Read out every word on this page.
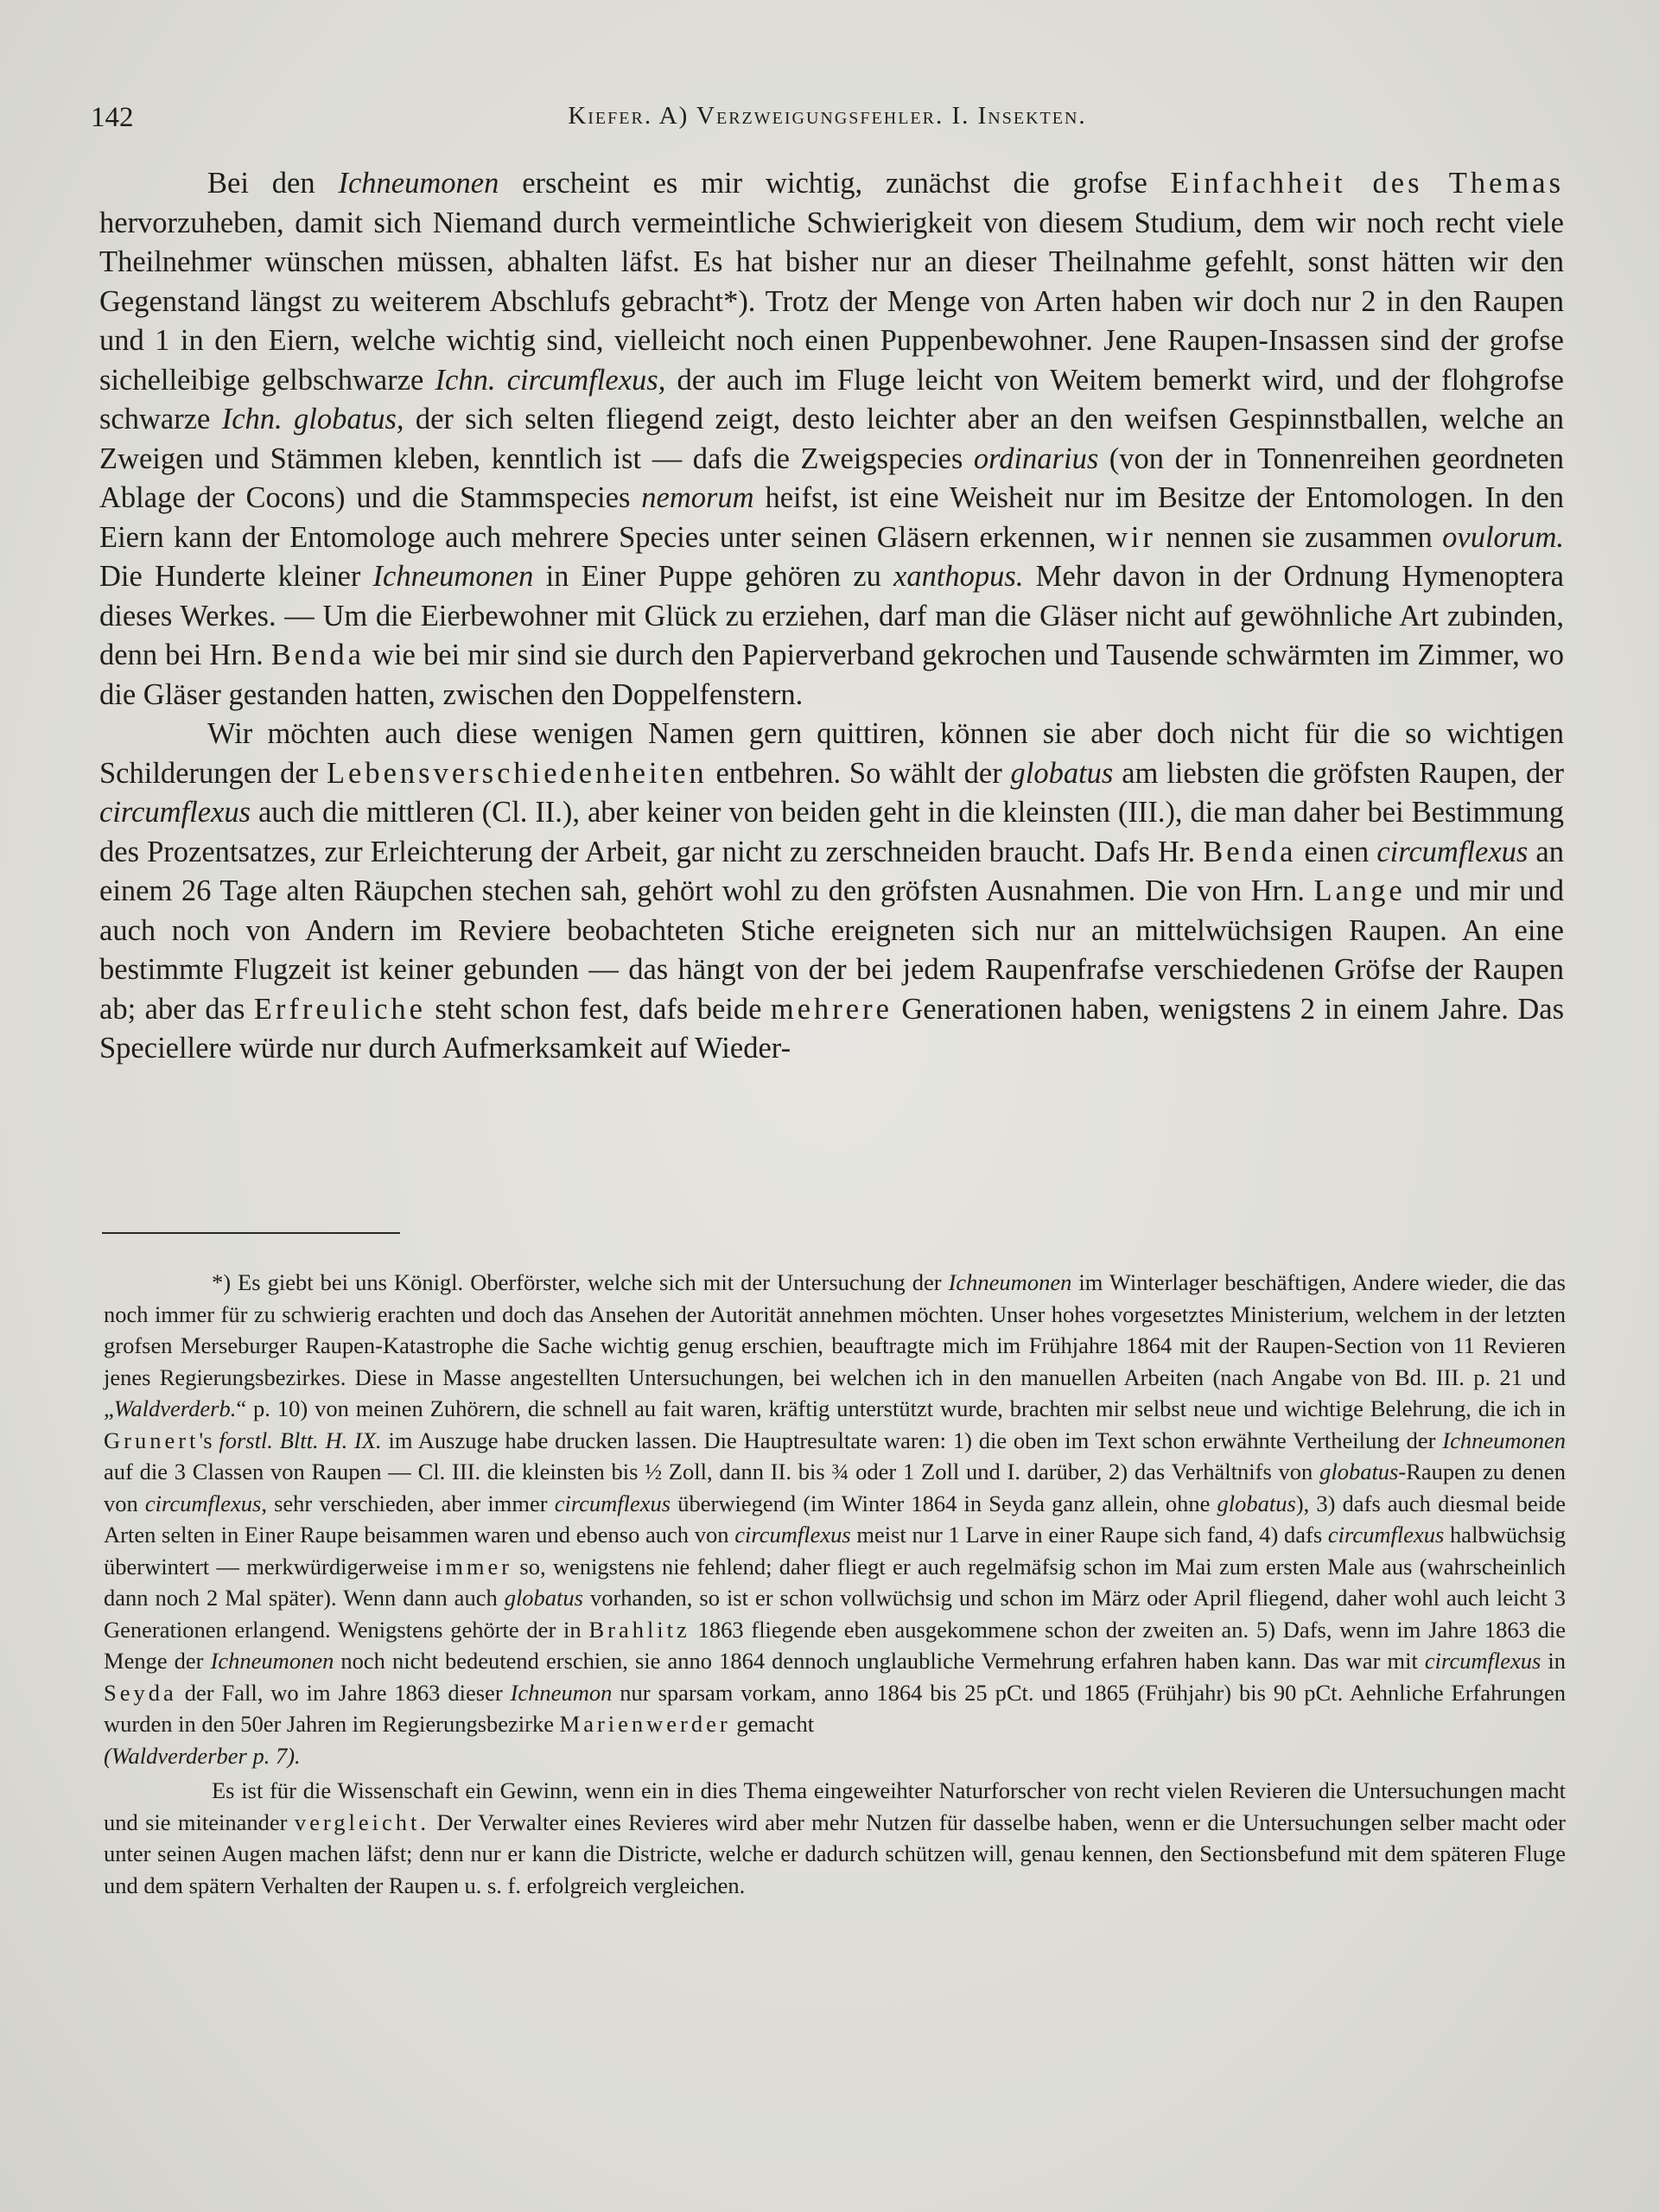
142	Kiefer. A) Verzweigungsfehler. I. Insekten.

Bei den Ichneumonen erscheint es mir wichtig, zunächst die grofse Einfachheit des Themas hervorzuheben, damit sich Niemand durch vermeintliche Schwierigkeit von diesem Studium, dem wir noch recht viele Theilnehmer wünschen müssen, abhalten läfst. Es hat bisher nur an dieser Theilnahme gefehlt, sonst hätten wir den Gegenstand längst zu weiterem Abschlufs gebracht*). Trotz der Menge von Arten haben wir doch nur 2 in den Raupen und 1 in den Eiern, welche wichtig sind, vielleicht noch einen Puppenbewohner. Jene Raupen-Insassen sind der grofse sichelleibige gelbschwarze Ichn. circumflexus, der auch im Fluge leicht von Weitem bemerkt wird, und der flohgrofse schwarze Ichn. globatus, der sich selten fliegend zeigt, desto leichter aber an den weifsen Gespinnstballen, welche an Zweigen und Stämmen kleben, kenntlich ist — dafs die Zweigspecies ordinarius (von der in Tonnenreihen geordneten Ablage der Cocons) und die Stammspecies nemorum heifst, ist eine Weisheit nur im Besitze der Entomologen. In den Eiern kann der Entomologe auch mehrere Species unter seinen Gläsern erkennen, wir nennen sie zusammen ovulorum. Die Hunderte kleiner Ichneumonen in Einer Puppe gehören zu xanthopus. Mehr davon in der Ordnung Hymenoptera dieses Werkes. — Um die Eierbewohner mit Glück zu erziehen, darf man die Gläser nicht auf gewöhnliche Art zubinden, denn bei Hrn. Benda wie bei mir sind sie durch den Papierverband gekrochen und Tausende schwärmten im Zimmer, wo die Gläser gestanden hatten, zwischen den Doppelfenstern.

Wir möchten auch diese wenigen Namen gern quittiren, können sie aber doch nicht für die so wichtigen Schilderungen der Lebensverschiedenheiten entbehren. So wählt der globatus am liebsten die gröfsten Raupen, der circumflexus auch die mittleren (Cl. II.), aber keiner von beiden geht in die kleinsten (III.), die man daher bei Bestimmung des Prozentsatzes, zur Erleichterung der Arbeit, gar nicht zu zerschneiden braucht. Dafs Hr. Benda einen circumflexus an einem 26 Tage alten Räupchen stechen sah, gehört wohl zu den gröfsten Ausnahmen. Die von Hrn. Lange und mir und auch noch von Andern im Reviere beobachteten Stiche ereigneten sich nur an mittelwüchsigen Raupen. An eine bestimmte Flugzeit ist keiner gebunden — das hängt von der bei jedem Raupenfrafse verschiedenen Gröfse der Raupen ab; aber das Erfreuliche steht schon fest, dafs beide mehrere Generationen haben, wenigstens 2 in einem Jahre. Das Speciellere würde nur durch Aufmerksamkeit auf Wieder-

*) Es giebt bei uns Königl. Oberförster, welche sich mit der Untersuchung der Ichneumonen im Winterlager beschäftigen, Andere wieder, die das noch immer für zu schwierig erachten und doch das Ansehen der Autorität annehmen möchten. Unser hohes vorgesetztes Ministerium, welchem in der letzten grofsen Merseburger Raupen-Katastrophe die Sache wichtig genug erschien, beauftragte mich im Frühjahre 1864 mit der Raupen-Section von 11 Revieren jenes Regierungsbezirkes. Diese in Masse angestellten Untersuchungen, bei welchen ich in den manuellen Arbeiten (nach Angabe von Bd. III. p. 21 und „Waldverderb.“ p. 10) von meinen Zuhörern, die schnell au fait waren, kräftig unterstützt wurde, brachten mir selbst neue und wichtige Belehrung, die ich in Grunert's forstl. Bltt. H. IX. im Auszuge habe drucken lassen. Die Hauptresultate waren: 1) die oben im Text schon erwähnte Vertheilung der Ichneumonen auf die 3 Classen von Raupen — Cl. III. die kleinsten bis ½ Zoll, dann II. bis ¾ oder 1 Zoll und I. darüber, 2) das Verhältnifs von globatus-Raupen zu denen von circumflexus, sehr verschieden, aber immer circumflexus überwiegend (im Winter 1864 in Seyda ganz allein, ohne globatus), 3) dafs auch diesmal beide Arten selten in Einer Raupe beisammen waren und ebenso auch von circumflexus meist nur 1 Larve in einer Raupe sich fand, 4) dafs circumflexus halbwüchsig überwintert — merkwürdigerweise immer so, wenigstens nie fehlend; daher fliegt er auch regelmäfsig schon im Mai zum ersten Male aus (wahrscheinlich dann noch 2 Mal später). Wenn dann auch globatus vorhanden, so ist er schon vollwüchsig und schon im März oder April fliegend, daher wohl auch leicht 3 Generationen erlangend. Wenigstens gehörte der in Brahlitz 1863 fliegende eben ausgekommene schon der zweiten an. 5) Dafs, wenn im Jahre 1863 die Menge der Ichneumonen noch nicht bedeutend erschien, sie anno 1864 dennoch unglaubliche Vermehrung erfahren haben kann. Das war mit circumflexus in Seyda der Fall, wo im Jahre 1863 dieser Ichneumon nur sparsam vorkam, anno 1864 bis 25 pCt. und 1865 (Frühjahr) bis 90 pCt. Aehnliche Erfahrungen wurden in den 50er Jahren im Regierungsbezirke Marienwerder gemacht

(Waldverderber p. 7).

Es ist für die Wissenschaft ein Gewinn, wenn ein in dies Thema eingeweihter Naturforscher von recht vielen Revieren die Untersuchungen macht und sie miteinander vergleicht. Der Verwalter eines Revieres wird aber mehr Nutzen für dasselbe haben, wenn er die Untersuchungen selber macht oder unter seinen Augen machen läfst; denn nur er kann die Districte, welche er dadurch schützen will, genau kennen, den Sectionsbefund mit dem späteren Fluge und dem spätern Verhalten der Raupen u. s. f. erfolgreich vergleichen.
